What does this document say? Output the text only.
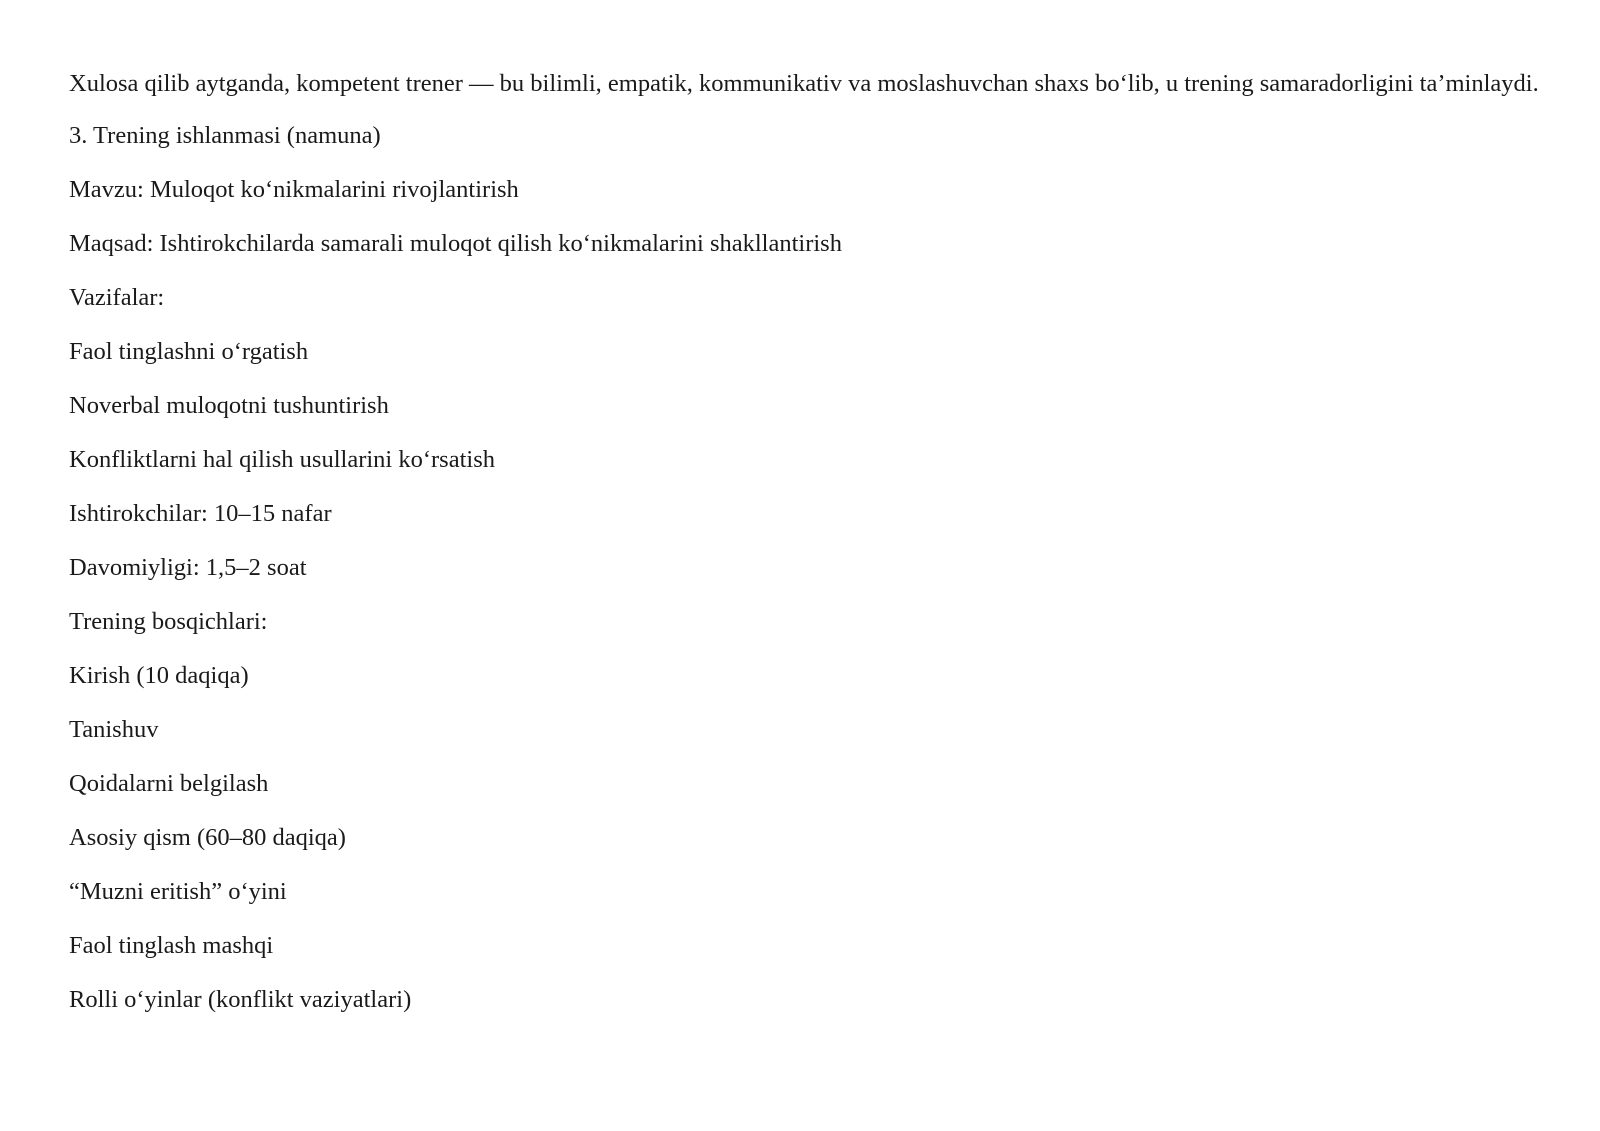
Xulosa qilib aytganda, kompetent trener — bu bilimli, empatik, kommunikativ va moslashuvchan shaxs bo‘lib, u trening samaradorligini ta’minlaydi.

3. Trening ishlanmasi (namuna)

Mavzu: Muloqot ko‘nikmalarini rivojlantirish

Maqsad: Ishtirokchilarda samarali muloqot qilish ko‘nikmalarini shakllantirish

Vazifalar:

Faol tinglashni o‘rgatish

Noverbal muloqotni tushuntirish

Konfliktlarni hal qilish usullarini ko‘rsatish

Ishtirokchilar: 10–15 nafar

Davomiyligi: 1,5–2 soat

Trening bosqichlari:

Kirish (10 daqiqa)

Tanishuv

Qoidalarni belgilash

Asosiy qism (60–80 daqiqa)

“Muzni eritish” o‘yini

Faol tinglash mashqi

Rolli o‘yinlar (konflikt vaziyatlari)
